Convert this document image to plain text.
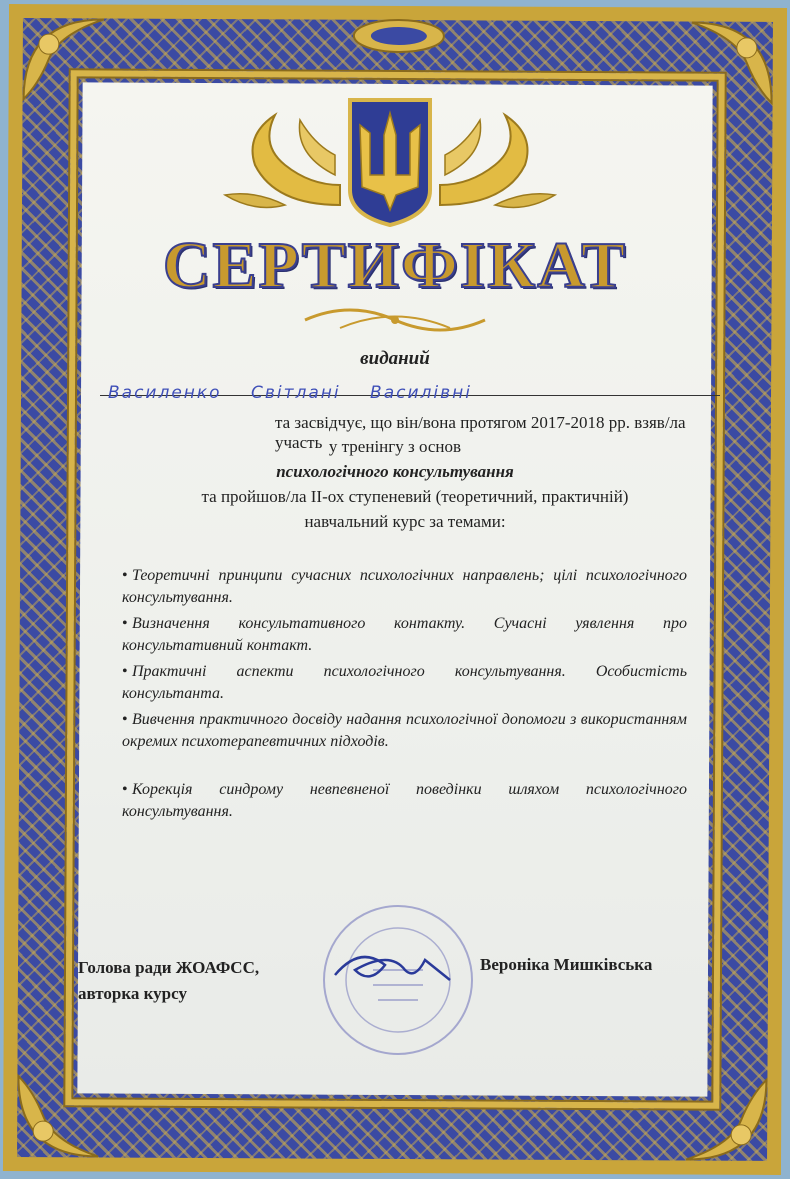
СЕРТИФІКАТ
виданий
Василенко Світлані Василівні
та засвідчує, що він/вона протягом 2017-2018 рр. взяв/ла участь у тренінгу з основ
психологічного консультування
та пройшов/ла ІІ-ох ступеневий (теоретичний, практичній)
навчальний курс за темами:
• Теоретичні принципи сучасних психологічних направлень; цілі психологічного консультування.
• Визначення консультативного контакту. Сучасні уявлення про консультативний контакт.
• Практичні аспекти психологічного консультування. Особистість консультанта.
• Вивчення практичного досвіду надання психологічної допомоги з використанням окремих психотерапевтичних підходів.
• Корекція синдрому невпевненої поведінки шляхом психологічного консультування.
Голова ради ЖОАФСС,
авторка курсу
Вероніка Мишківська
